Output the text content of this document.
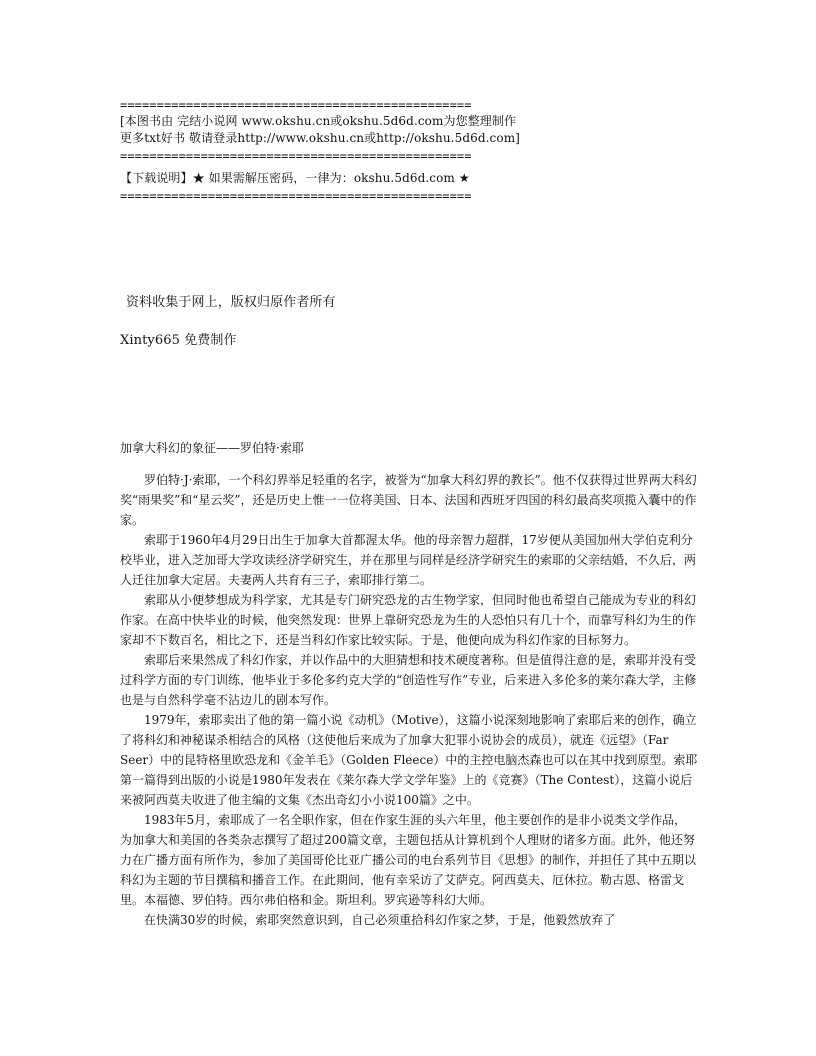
================================================
[本图书由 完结小说网 www.okshu.cn或okshu.5d6d.com为您整理制作
更多txt好书 敬请登录http://www.okshu.cn或http://okshu.5d6d.com]
================================================
【下载说明】★ 如果需解压密码，一律为：okshu.5d6d.com ★
================================================
资料收集于网上，版权归原作者所有
Xinty665 免费制作
加拿大科幻的象征——罗伯特·索耶

罗伯特·J·索耶，一个科幻界举足轻重的名字，被誉为“加拿大科幻界的教长”。他不仅获得过世界两大科幻奖“雨果奖”和“星云奖”，还是历史上惟一一位将美国、日本、法国和西班牙四国的科幻最高奖项揽入囊中的作家。

索耶于1960年4月29日出生于加拿大首都渥太华。他的母亲智力超群，17岁便从美国加州大学伯克利分校毕业，进入芝加哥大学攻读经济学研究生，并在那里与同样是经济学研究生的索耶的父亲结婚，不久后，两人迁往加拿大定居。夫妻两人共育有三子，索耶排行第二。

索耶从小便梦想成为科学家，尤其是专门研究恐龙的古生物学家，但同时他也希望自己能成为专业的科幻作家。在高中快毕业的时候，他突然发现：世界上靠研究恐龙为生的人恐怕只有几十个，而靠写科幻为生的作家却不下数百名，相比之下，还是当科幻作家比较实际。于是，他便向成为科幻作家的目标努力。

索耶后来果然成了科幻作家，并以作品中的大胆猜想和技术硬度著称。但是值得注意的是，索耶并没有受过科学方面的专门训练，他毕业于多伦多约克大学的“创造性写作”专业，后来进入多伦多的莱尔森大学，主修也是与自然科学毫不沾边儿的剧本写作。

1979年，索耶卖出了他的第一篇小说《动机》（Motive），这篇小说深刻地影响了索耶后来的创作，确立了将科幻和神秘谋杀相结合的风格（这使他后来成为了加拿大犯罪小说协会的成员），就连《远望》（Far Seer）中的昆特格里欧恐龙和《金羊毛》（Golden Fleece）中的主控电脑杰森也可以在其中找到原型。索耶第一篇得到出版的小说是1980年发表在《莱尔森大学文学年鉴》上的《竞赛》（The Contest），这篇小说后来被阿西莫夫收进了他主编的文集《杰出奇幻小小说100篇》之中。

1983年5月，索耶成了一名全职作家，但在作家生涯的头六年里，他主要创作的是非小说类文学作品，为加拿大和美国的各类杂志撰写了超过200篇文章，主题包括从计算机到个人理财的诸多方面。此外，他还努力在广播方面有所作为，参加了美国哥伦比亚广播公司的电台系列节目《思想》的制作，并担任了其中五期以科幻为主题的节目撰稿和播音工作。在此期间，他有幸采访了艾萨克。阿西莫夫、厄休拉。勒古恩、格雷戈里。本福德、罗伯特。西尔弗伯格和金。斯坦利。罗宾逊等科幻大师。

在快满30岁的时候，索耶突然意识到，自己必须重拾科幻作家之梦，于是，他毅然放弃了
